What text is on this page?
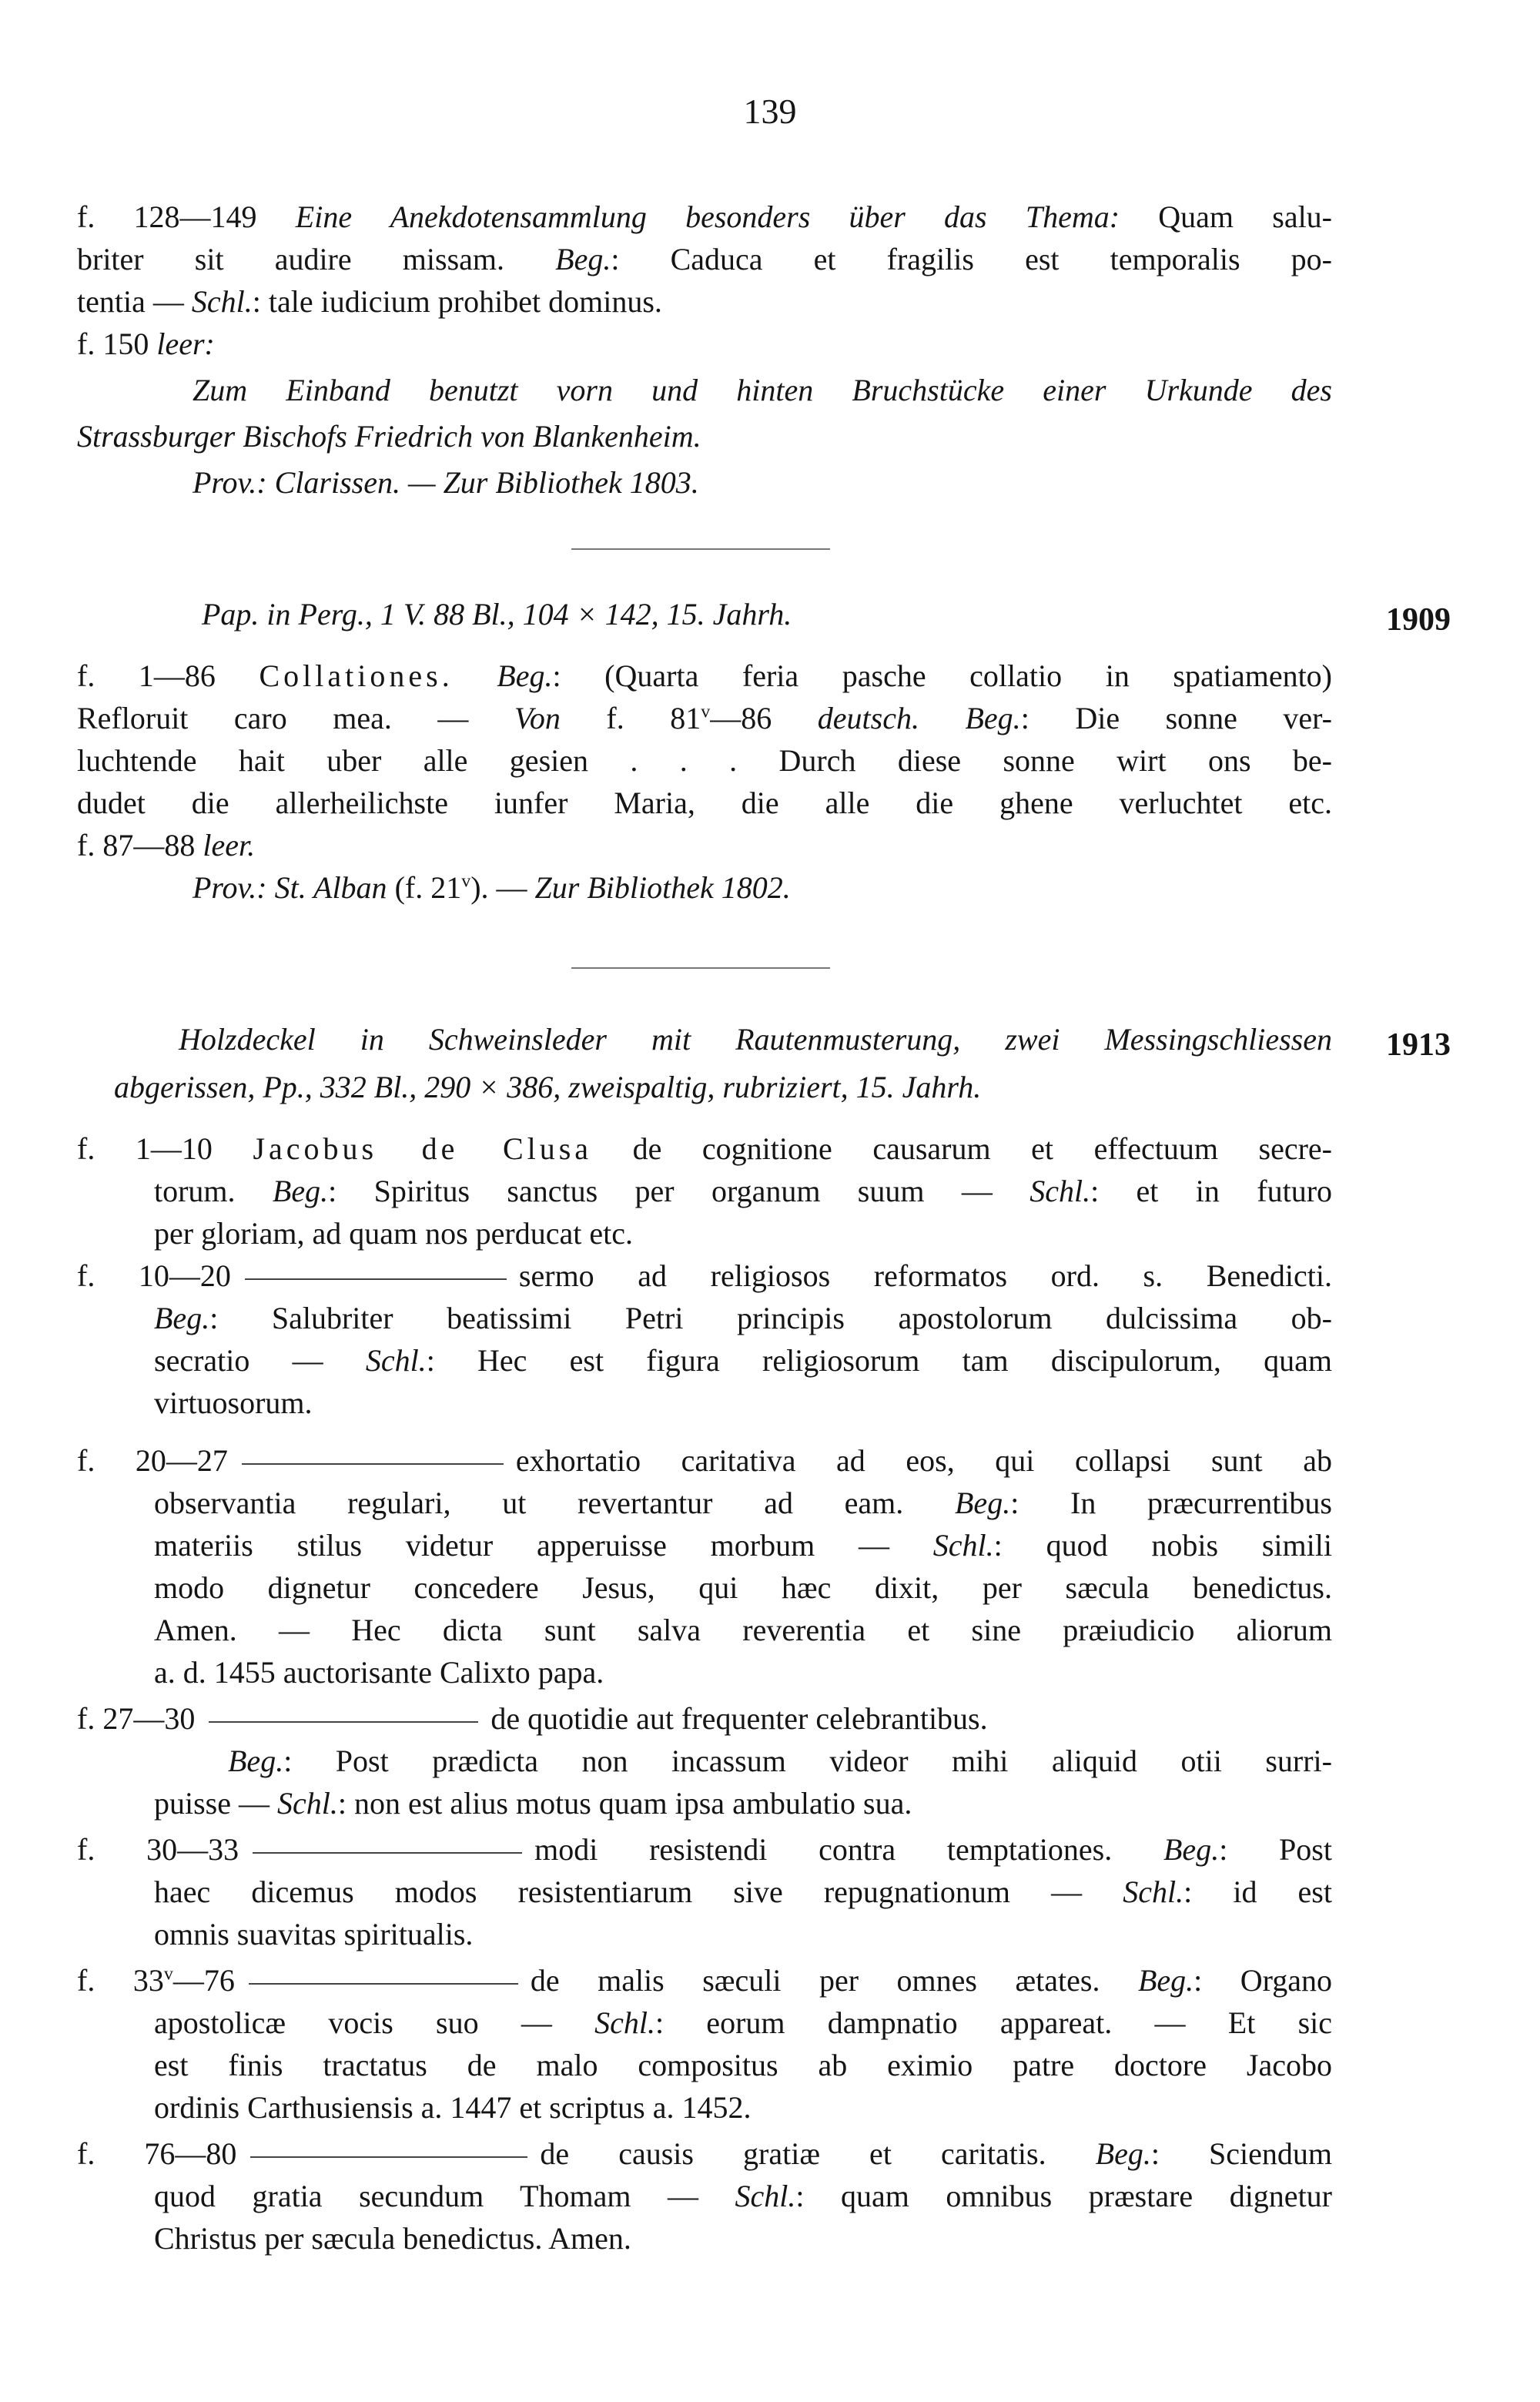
139
f. 128—149 Eine Anekdotensammlung besonders über das Thema: Quam salu-
briter sit audire missam. Beg.: Caduca et fragilis est temporalis po-
tentia — Schl.: tale iudicium prohibet dominus.
f. 150 leer:
Zum Einband benutzt vorn und hinten Bruchstücke einer Urkunde des
Strassburger Bischofs Friedrich von Blankenheim.
Prov.: Clarissen. — Zur Bibliothek 1803.
Pap. in Perg., 1 V. 88 Bl., 104 × 142, 15. Jahrh.	1909
f. 1—86 Collationes. Beg.: (Quarta feria pasche collatio in spatiamento)
Refloruit caro mea. — Von f. 81$^v$—86 deutsch. Beg.: Die sonne ver-
luchtende hait uber alle gesien . . . Durch diese sonne wirt ons be-
dudet die allerheilichste iunfer Maria, die alle die ghene verluchtet etc.
f. 87—88 leer.
Prov.: St. Alban (f. 21$^v$). — Zur Bibliothek 1802.
Holzdeckel in Schweinsleder mit Rautenmusterung, zwei Messingschliessen 1913
abgerissen, Pp., 332 Bl., 290 × 386, zweispaltig, rubriziert, 15. Jahrh.
f. 1—10 Jacobus de Clusa de cognitione causarum et effectuum secre-
torum. Beg.: Spiritus sanctus per organum suum — Schl.: et in futuro
per gloriam, ad quam nos perducat etc.
f. 10—20	sermo ad religiosos reformatos ord. s. Benedicti.
Beg.: Salubriter beatissimi Petri principis apostolorum dulcissima ob-
secratio — Schl.: Hec est figura religiosorum tam discipulorum, quam
virtuosorum.
f. 20—27	exhortatio caritativa ad eos, qui collapsi sunt ab
observantia regulari, ut revertantur ad eam. Beg.: In præcurrentibus
materiis stilus videtur apperuisse morbum — Schl.: quod nobis simili
modo dignetur concedere Jesus, qui hæc dixit, per sæcula benedictus.
Amen. — Hec dicta sunt salva reverentia et sine præiudicio aliorum
a. d. 1455 auctorisante Calixto papa.
f. 27—30	de quotidie aut frequenter celebrantibus.
Beg.: Post prædicta non incassum videor mihi aliquid otii surri-
puisse — Schl.: non est alius motus quam ipsa ambulatio sua.
f. 30—33	modi resistendi contra temptationes. Beg.: Post
haec dicemus modos resistentiarum sive repugnationum — Schl.: id est
omnis suavitas spiritualis.
f. 33$^v$—76	de malis sæculi per omnes ætates. Beg.: Organo
apostolicæ vocis suo — Schl.: eorum dampnatio appareat. — Et sic
est finis tractatus de malo compositus ab eximio patre doctore Jacobo
ordinis Carthusiensis a. 1447 et scriptus a. 1452.
f. 76—80	de causis gratiæ et caritatis. Beg.: Sciendum
quod gratia secundum Thomam — Schl.: quam omnibus præstare dignetur
Christus per sæcula benedictus. Amen.
